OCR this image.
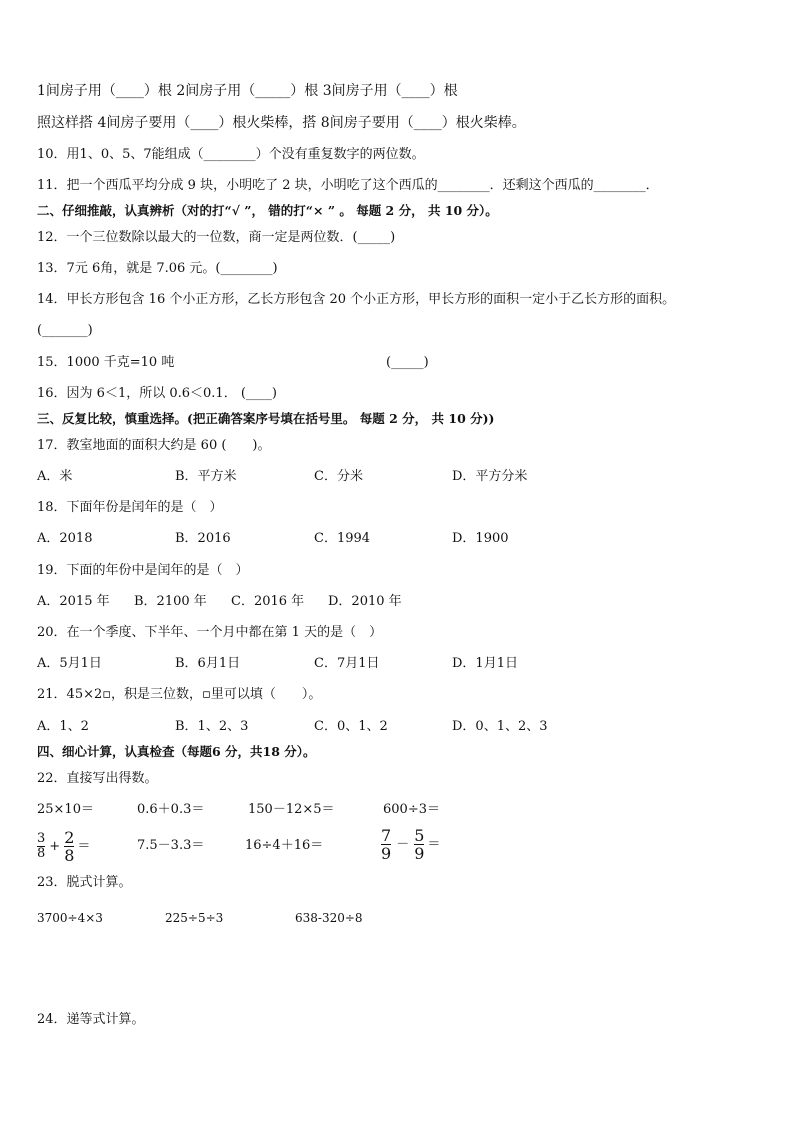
1间房子用（____）根 2间房子用（_____）根 3间房子用（____）根
照这样搭 4间房子要用（____）根火柴棒，搭 8间房子要用（____）根火柴棒。
10．用1、0、5、7能组成（________）个没有重复数字的两位数。
11．把一个西瓜平均分成 9 块，小明吃了 2 块，小明吃了这个西瓜的________．还剩这个西瓜的________．
二、仔细推敲，认真辨析（对的打“√ ”， 错的打“× ” 。 每题 2 分， 共 10 分）。
12．一个三位数除以最大的一位数，商一定是两位数．(_____)
13．7元 6角，就是 7.06 元。(________)
14．甲长方形包含 16 个小正方形，乙长方形包含 20 个小正方形，甲长方形的面积一定小于乙长方形的面积。
(_______)
15．1000 千克=10 吨	(_____)
16．因为 6＜1，所以 0.6＜0.1． (____)
三、反复比较，慎重选择。(把正确答案序号填在括号里。 每题 2 分， 共 10 分))
17．教室地面的面积大约是 60 (　　)。
A．米	B．平方米	C．分米	D．平方分米
18．下面年份是闰年的是（　）
A．2018	B．2016	C．1994	D．1900
19．下面的年份中是闰年的是（　）
A．2015 年 B．2100 年 C．2016 年 D．2010 年
20．在一个季度、下半年、一个月中都在第 1 天的是（　）
A．5月1日	B．6月1日	C．7月1日	D．1月1日
21．45×2▫，积是三位数，▫里可以填（　　）。
A．1、2	B．1、2、3	C．0、1、2	D．0、1、2、3
四、细心计算，认真检查（每题6 分，共18 分）。
22．直接写出得数。
25×10＝	0.6＋0.3＝	150－12×5＝	600÷3＝
$\frac{3}{8} + \frac{2}{8}$ ＝	7.5－3.3＝	16÷4＋16＝	$\frac{7}{9} - \frac{5}{9}$ ＝
23．脱式计算。
3700÷4×3	225÷5÷3	638-320÷8
24．递等式计算。
